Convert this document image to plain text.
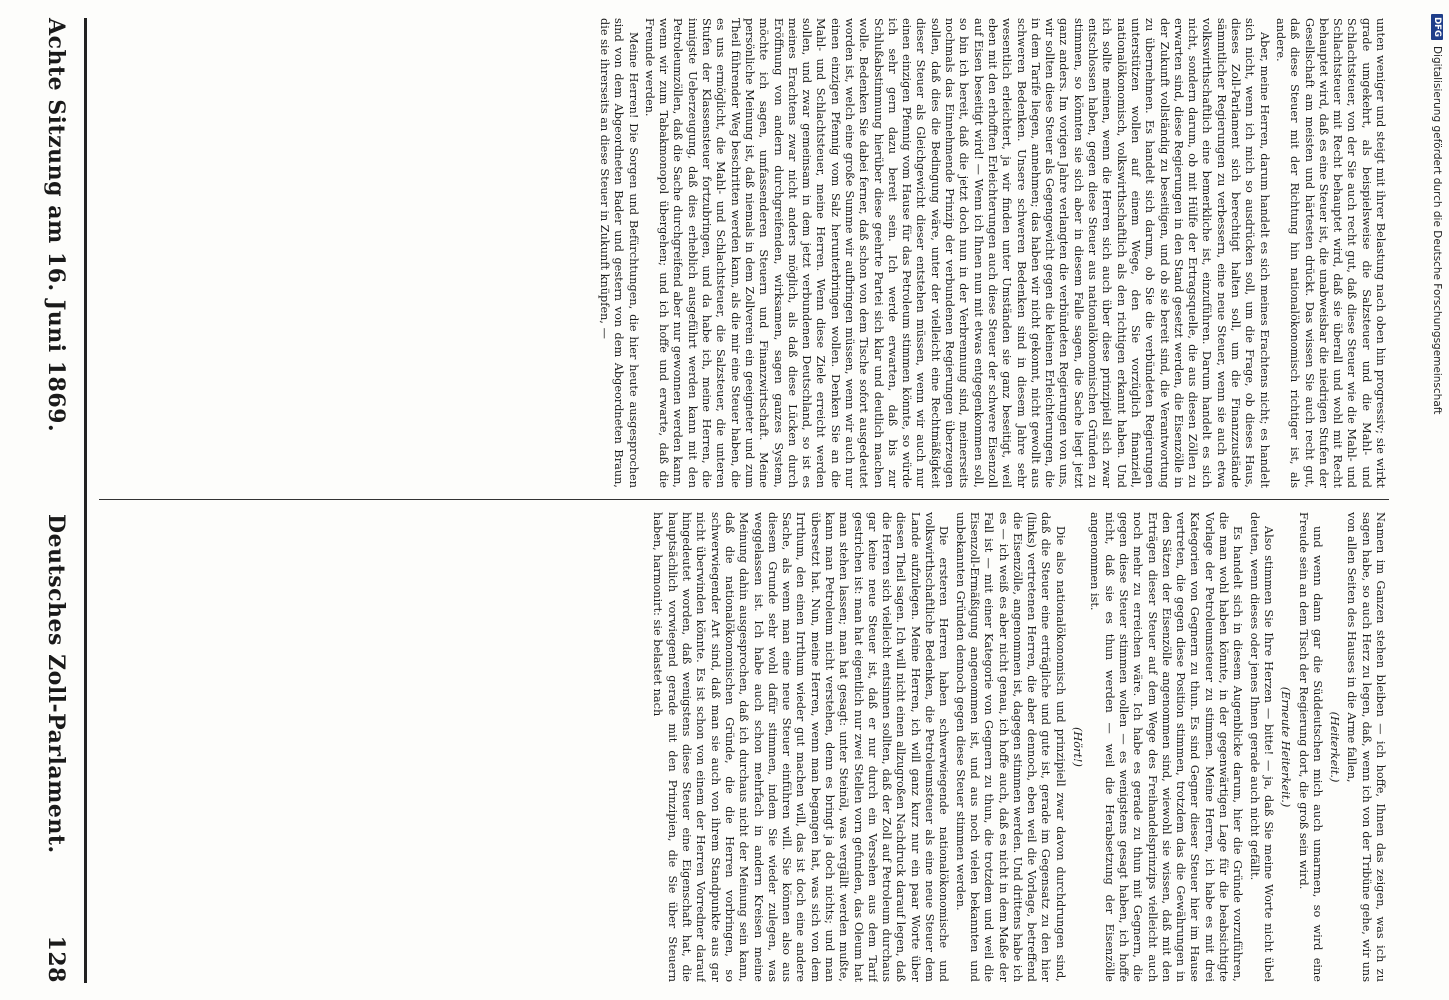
DFG
Digitalisierung gefördert durch die Deutsche Forschungsgemeinschaft

unten weniger und steigt mit ihrer Belastung nach oben hin progressiv; sie wirkt grade umgekehrt, als beispielsweise die Salzsteuer und die Mahl- und Schlachtsteuer, von der Sie auch recht gut, daß diese Steuer wie die Mahl- und Schlachtsteuer mit Recht behauptet wird, daß sie überall und wohl mit Recht behauptet wird, daß es eine Steuer ist, die unabweisbar die niedrigen Stufen der Gesellschaft am meisten und härtesten drückt. Das wissen Sie auch recht gut, daß diese Steuer mit der Richtung hin nationalökonomisch richtiger ist, als andere.

Aber, meine Herren, darum handelt es sich meines Erachtens nicht; es handelt sich nicht, wenn ich mich so ausdrücken soll, um die Frage, ob dieses Haus, dieses Zoll-Parlament sich berechtigt halten soll, um die Finanzzustände sämmtlicher Regierungen zu verbessern, eine neue Steuer, wenn sie auch etwa volkswirthschaftlich eine bemerkliche ist, einzuführen. Darum handelt es sich nicht, sondern darum, ob mit Hülfe der Ertragsquelle, die aus diesen Zöllen zu erwarten sind, diese Regierungen in den Stand gesetzt werden, die Eisenzölle in der Zukunft vollständig zu beseitigen, und ob sie bereit sind, die Verantwortung zu übernehmen. Es handelt sich darum, ob Sie die verbündeten Regierungen unterstützen wollen auf einem Wege, den Sie vorzüglich finanziell, nationalökonomisch, volkswirthschaftlich als den richtigen erkannt haben. Und ich sollte meinen, wenn die Herren sich auch über diese prinzipiell sich zwar entschlossen haben, gegen diese Steuer aus nationalökonomischen Gründen zu stimmen, so könnten sie sich aber in diesem Falle sagen, die Sache liegt jetzt ganz anders. Im vorigen Jahre verlangten die verbündeten Regierungen von uns, wir sollten diese Steuer als Gegengewicht gegen die kleinen Erleichterungen, die in dem Tarife liegen, annehmen; das haben wir nicht gekonnt, nicht gewollt aus schweren Bedenken. Unsere schweren Bedenken sind in diesem Jahre sehr wesentlich erleichtert, ja wir finden unter Umständen sie ganz beseitigt, weil eben mit den erhofften Erleichterungen auch diese Steuer der schwere Eisenzoll auf Eisen beseitigt wird! — Wenn ich Ihnen nun mit etwas entgegenkommen soll, so bin ich bereit, daß die jetzt doch nun in der Verbrennung sind, meinerseits nochmals das Einnehmende Prinzip der verbundenen Regierungen überzeugen sollen, daß dies die Bedingung wäre, unter der vielleicht eine Rechtmäßigkeit dieser Steuer als Gleichgewicht dieser entstehen müssen, wenn wir auch nur einen einzigen Pfennig vom Hause für das Petroleum stimmen könnte, so würde ich sehr gern dazu bereit sein. Ich werde erwarten, daß bis zur Schlußabstimmung hierüber diese geehrte Partei sich klar und deutlich machen wolle. Bedenken Sie dabei ferner, daß schon von dem Tische sofort ausgedeutet worden ist, welch eine große Summe wir aufbringen müssen, wenn wir auch nur einen einzigen Pfennig vom Salz herunterbringen wollen. Denken Sie an die Mahl- und Schlachtsteuer, meine Herren. Wenn diese Ziele erreicht werden sollen, und zwar gemeinsam in dem jetzt verbundenen Deutschland, so ist es meines Erachtens zwar nicht anders möglich, als daß diese Lücken durch Eröffnung von andern durchgreifenden, wirksamen, sagen ganzes System, möchte ich sagen, umfassenderen Steuern und Finanzwirtschaft. Meine persönliche Meinung ist, daß niemals in dem Zollverein ein geeigneter und zum Theil führender Weg beschritten werden kann, als die mir eine Steuer haben, die es uns ermöglicht, die Mahl- und Schlachtsteuer, die Salzsteuer, die unteren Stufen der Klassensteuer fortzubringen, und da habe ich, meine Herren, die innigste Ueberzeugung, daß dies erheblich ausgeführt werden kann mit den Petroleumzöllen, daß die Sache durchgreifend aber nur gewonnen werden kann, wenn wir zum Tabakmonopol übergehen; und ich hoffe und erwarte, daß die Freunde werden.

Meine Herren! Die Sorgen und Befürchtungen, die hier heute ausgesprochen sind von dem Abgeordneten Bader und gestern von dem Abgeordneten Braun, die sie ihrerseits an diese Steuer in Zukunft knüpfen, —

Namen im Ganzen stehen bleiben — ich hoffe, Ihnen das zeigen, was ich zu sagen habe, so auch Herz zu legen, daß, wenn ich von der Tribüne gehe, wir uns von allen Seiten des Hauses in die Arme fallen,

(Heiterkeit.)

und wenn dann gar die Süddeutschen mich auch umarmen, so wird eine Freude sein an dem Tisch der Regierung dort, die groß sein wird.

(Erneute Heiterkeit.)

Also stimmen Sie Ihre Herzen — bitte! — ja, daß Sie meine Worte nicht übel deuten, wenn dieses oder jenes Ihnen gerade auch nicht gefällt.

Es handelt sich in diesem Augenblicke darum, hier die Gründe vorzuführen, die man wohl haben könnte, in der gegenwärtigen Lage für die beabsichtigte Vorlage der Petroleumsteuer zu stimmen. Meine Herren, ich habe es mit drei Kategorien von Gegnern zu thun. Es sind Gegner dieser Steuer hier im Hause vertreten, die gegen diese Position stimmen, trotzdem das die Gewährungen in den Sätzen der Eisenzölle angenommen sind, wiewohl sie wissen, daß mit den Erträgen dieser Steuer auf dem Wege des Freihandelsprinzips vielleicht auch noch mehr zu erreichen wäre. Ich habe es gerade zu thun mit Gegnern, die gegen diese Steuer stimmen wollen — es wenigstens gesagt haben, ich hoffe nicht, daß sie es thun werden — weil die Herabsetzung der Eisenzölle angenommen ist.

(Hört!)

Die also nationalökonomisch und prinzipiell zwar davon durchdrungen sind, daß die Steuer eine erträgliche und gute ist, gerade im Gegensatz zu den hier (links) vertretenen Herren, die aber dennoch, eben weil die Vorlage, betreffend die Eisenzölle, angenommen ist, dagegen stimmen werden. Und drittens habe ich es — ich weiß es aber nicht genau, ich hoffe auch, daß es nicht in dem Maße der Fall ist — mit einer Kategorie von Gegnern zu thun, die trotzdem und weil die Eisenzoll-Ermäßigung angenommen ist, und aus noch vielen bekannten und unbekannten Gründen dennoch gegen diese Steuer stimmen werden.

Die ersteren Herren haben schwerwiegende nationalökonomische und volkswirthschaftliche Bedenken, die Petroleumsteuer als eine neue Steuer dem Lande aufzulegen. Meine Herren, ich will ganz kurz nur ein paar Worte über diesen Theil sagen. Ich will nicht einen allzugroßen Nachdruck darauf legen, daß die Herren sich vielleicht entsinnen sollten, daß der Zoll auf Petroleum durchaus gar keine neue Steuer ist, daß er nur durch ein Versehen aus dem Tarif gestrichen ist: man hat eigentlich nur zwei Stellen vorn gefunden, das Oleum hat man stehen lassen; man hat gesagt: unter Steinöl, was vergällt werden mußte, kann man Petroleum nicht verstehen, denn es bringt ja doch nichts; und man übersetzt hat. Nun, meine Herren, wenn man begangen hat, was sich von dem Irrthum, den einen Irrthum wieder gut machen will, das ist doch eine andere Sache, als wenn man eine neue Steuer einführen will. Sie können also aus diesem Grunde sehr wohl dafür stimmen, indem Sie wieder zulegen, was weggelassen ist. Ich habe auch schon mehrfach in andern Kreisen meine Meinung dahin ausgesprochen, daß ich durchaus nicht der Meinung sein kann, daß die nationalökonomischen Gründe, die die Herren vorbringen, so schwerwiegender Art sind, daß man sie auch von ihrem Standpunkte aus gar nicht überwinden könnte. Es ist schon von einem der Herren Vorredner darauf hingedeutet worden, daß wenigstens diese Steuer eine Eigenschaft hat, die hauptsächlich vorwiegend gerade mit den Prinzipien, die Sie über Steuern haben, harmonirt: sie belastet nach

Achte Sitzung am 16. Juni 1869.
Deutsches Zoll-Parlament.
128
